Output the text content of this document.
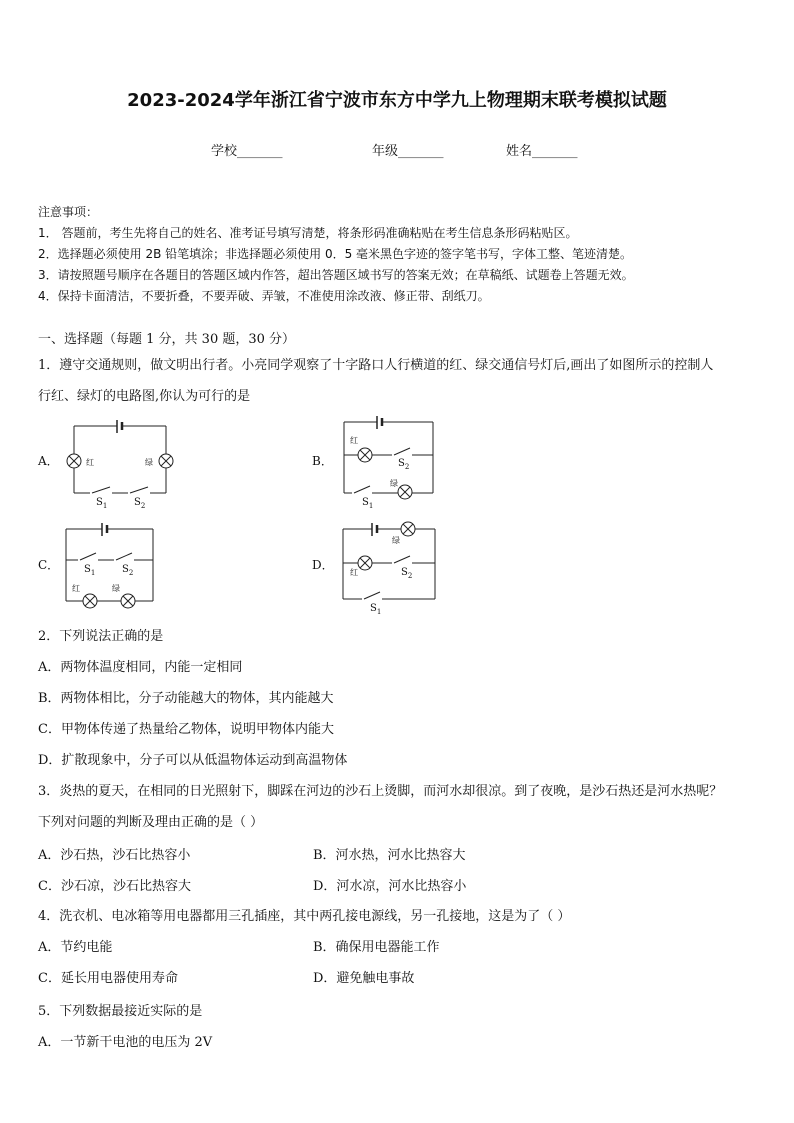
2023-2024学年浙江省宁波市东方中学九上物理期末联考模拟试题
学校_______	年级_______	姓名_______
注意事项：
1． 答题前，考生先将自己的姓名、准考证号填写清楚，将条形码准确粘贴在考生信息条形码粘贴区。
2．选择题必须使用 2B 铅笔填涂；非选择题必须使用 0．5 毫米黑色字迹的签字笔书写，字体工整、笔迹清楚。
3．请按照题号顺序在各题目的答题区域内作答，超出答题区域书写的答案无效；在草稿纸、试题卷上答题无效。
4．保持卡面清洁，不要折叠，不要弄破、弄皱，不准使用涂改液、修正带、刮纸刀。
一、选择题（每题 1 分，共 30 题，30 分）
1．遵守交通规则，做文明出行者。小亮同学观察了十字路口人行横道的红、绿交通信号灯后,画出了如图所示的控制人
行红、绿灯的电路图,你认为可行的是
A．	B．
C．	D．
红	绿
红
绿
红	绿
绿
红
$S_1$	$S_2$
$S_2$
$S_1$
$S_1$	$S_2$	$S_2$
$S_1$
2．下列说法正确的是
A．两物体温度相同，内能一定相同
B．两物体相比，分子动能越大的物体，其内能越大
C．甲物体传递了热量给乙物体，说明甲物体内能大
D．扩散现象中，分子可以从低温物体运动到高温物体
3．炎热的夏天，在相同的日光照射下，脚踩在河边的沙石上烫脚，而河水却很凉。到了夜晚，是沙石热还是河水热呢？
下列对问题的判断及理由正确的是（ ）
A．沙石热，沙石比热容小	B．河水热，河水比热容大
C．沙石凉，沙石比热容大	D．河水凉，河水比热容小
4．洗衣机、电冰箱等用电器都用三孔插座，其中两孔接电源线，另一孔接地，这是为了（ ）
A．节约电能	B．确保用电器能工作
C．延长用电器使用寿命	D．避免触电事故
5．下列数据最接近实际的是
A．一节新干电池的电压为 2V
